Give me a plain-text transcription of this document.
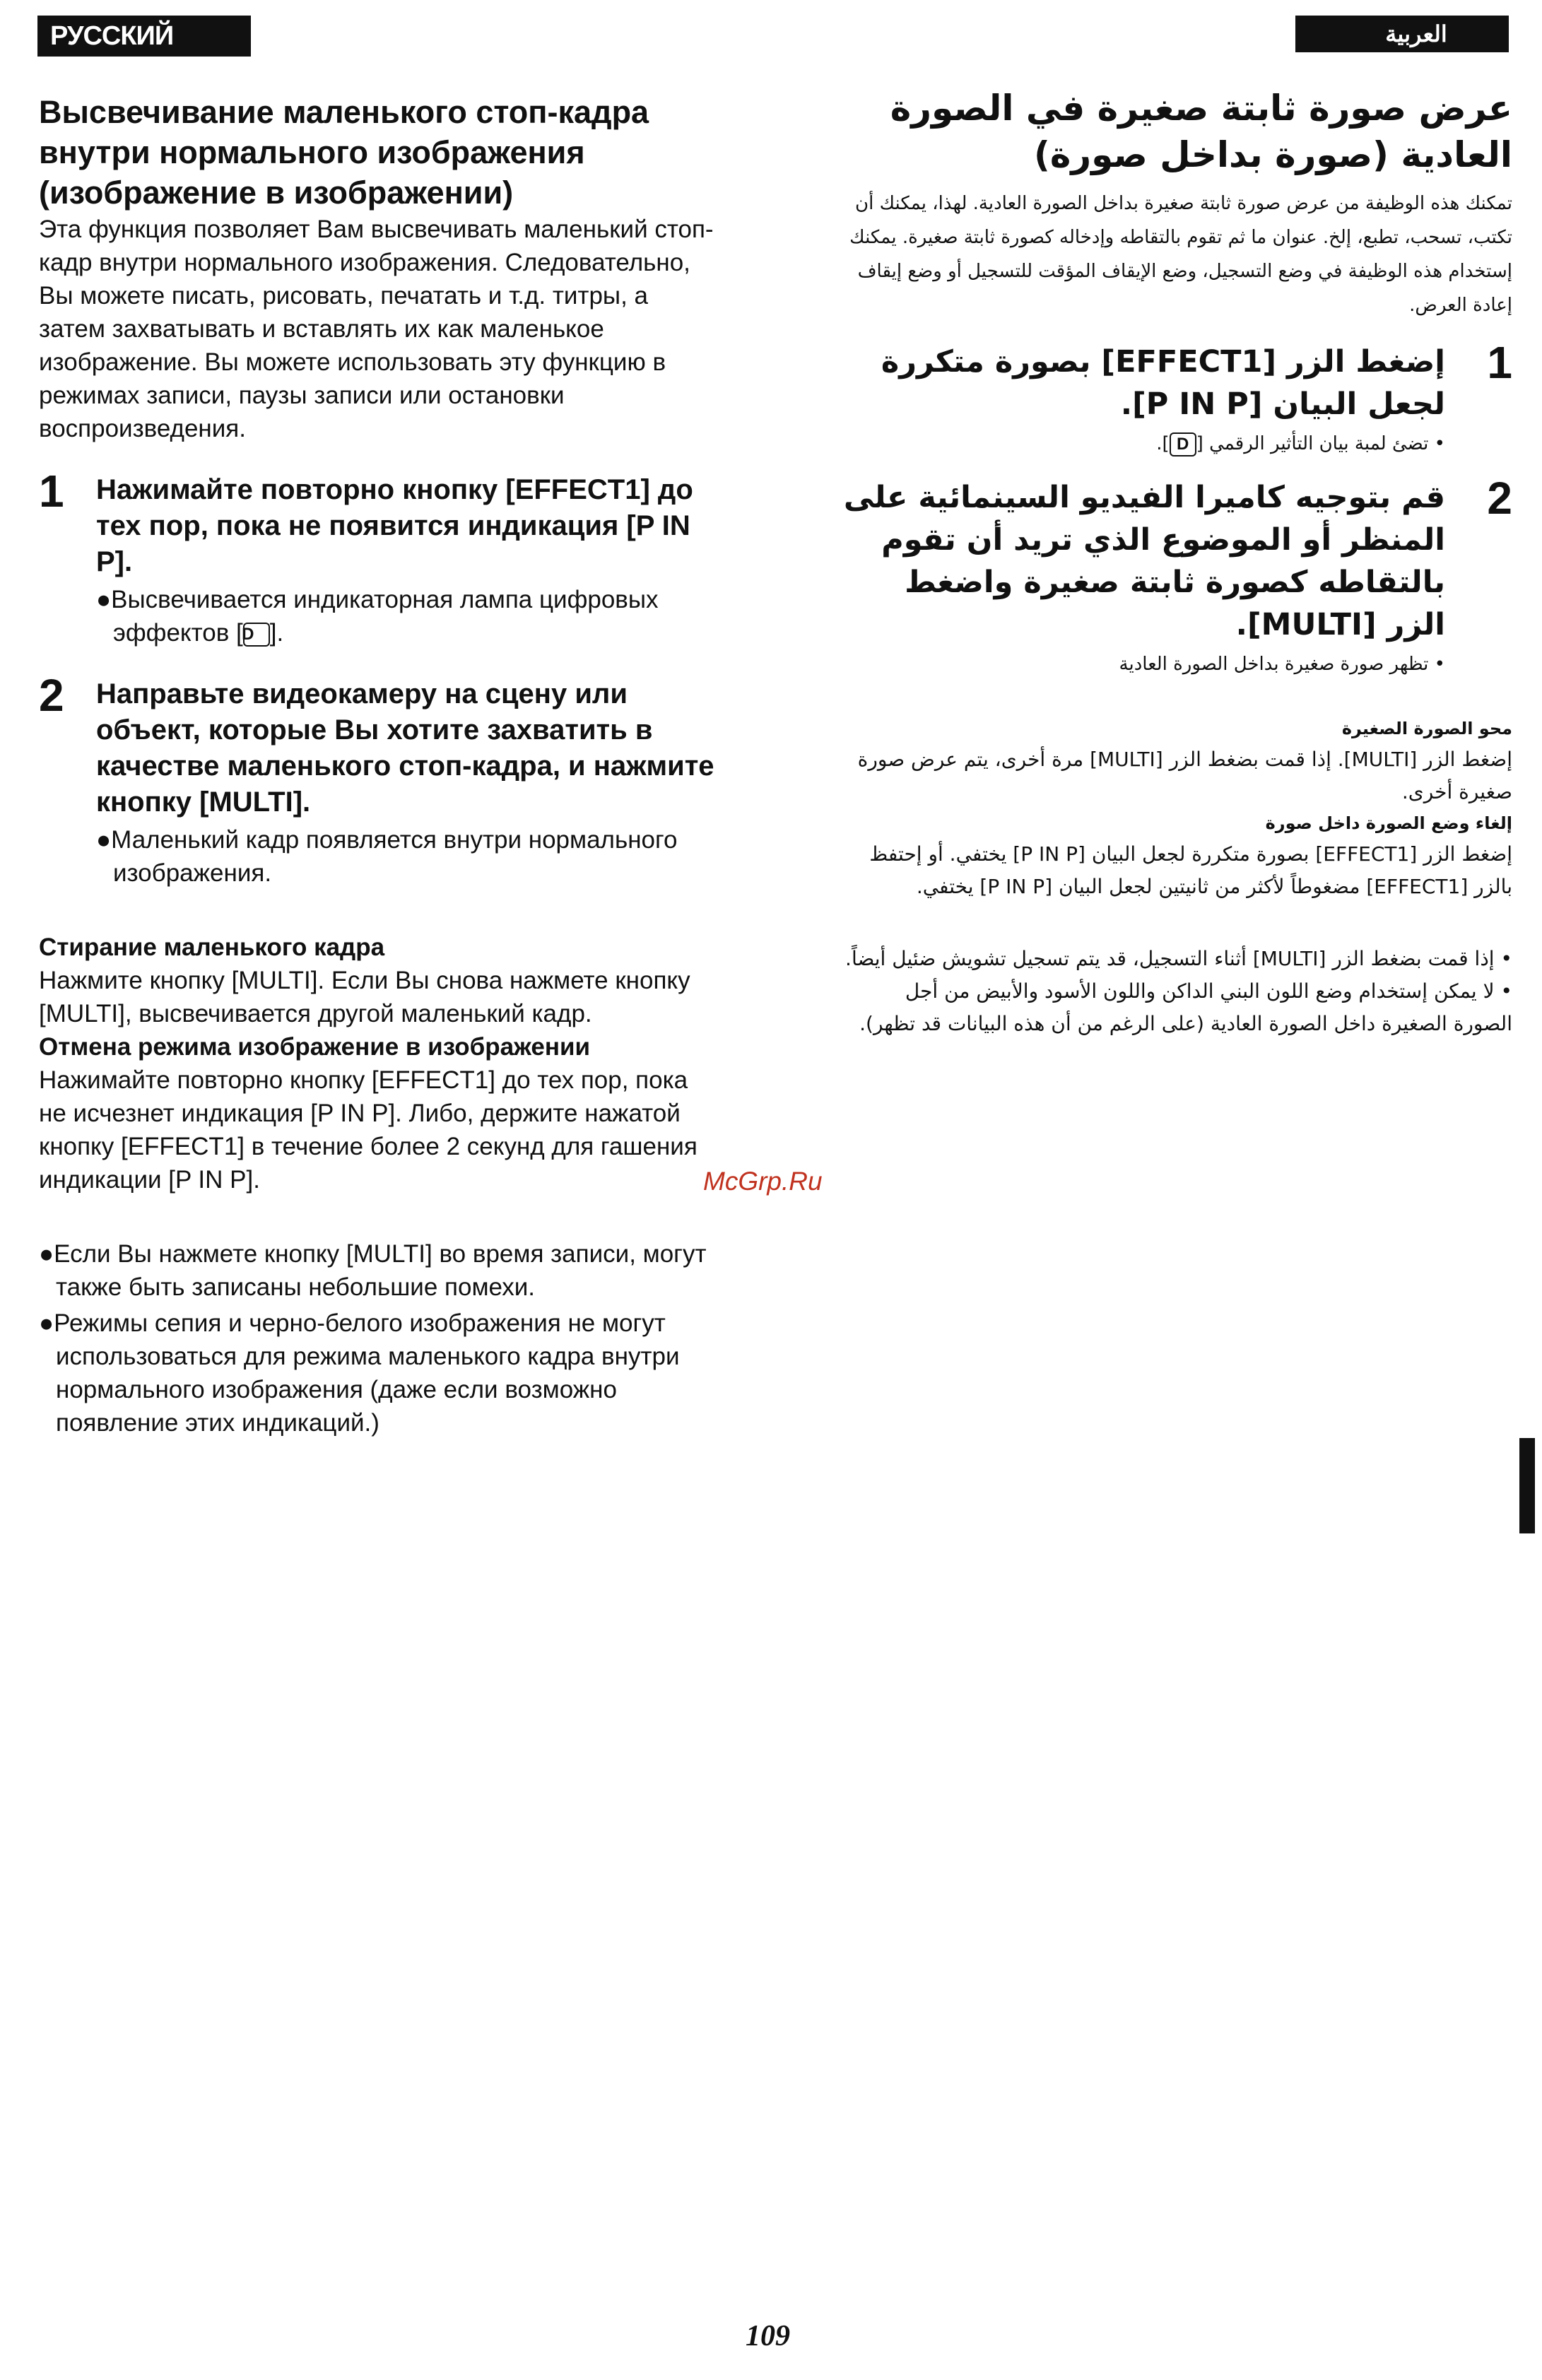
РУССКИЙ ЯЗЫК
العربية
Высвечивание маленького стоп-кадра внутри нормального изображения (изображение в изображении)

Эта функция позволяет Вам высвечивать маленький стоп-кадр внутри нормального изображения. Следовательно, Вы можете писать, рисовать, печатать и т.д. титры, а затем захватывать и вставлять их как маленькое изображение. Вы можете использовать эту функцию в режимах записи, паузы записи или остановки воспроизведения.

1 Нажимайте повторно кнопку [EFFECT1] до тех пор, пока не появится индикация [P IN P].

●Высвечивается индикаторная лампа цифровых эффектов [D ].

2 Направьте видеокамеру на сцену или объект, которые Вы хотите захватить в качестве маленького стоп-кадра, и нажмите кнопку [MULTI].

●Маленький кадр появляется внутри нормального изображения.

Стирание маленького кадра

Нажмите кнопку [MULTI]. Если Вы снова нажмете кнопку [MULTI], высвечивается другой маленький кадр.

Отмена режима изображение в изображении

Нажимайте повторно кнопку [EFFECT1] до тех пор, пока не исчезнет индикация [P IN P]. Либо, держите нажатой кнопку [EFFECT1] в течение более 2 секунд для гашения индикации [P IN P].

●Если Вы нажмете кнопку [MULTI] во время записи, могут также быть записаны небольшие помехи.

●Режимы сепия и черно-белого изображения не могут использоваться для режима маленького кадра внутри нормального изображения (даже если возможно появление этих индикаций.)

عرض صورة ثابتة صغيرة في الصورة العادية (صورة بداخل صورة)

تمكنك هذه الوظيفة من عرض صورة ثابتة صغيرة بداخل الصورة العادية. لهذا، يمكنك أن تكتب، تسحب، تطبع، إلخ. عنوان ما ثم تقوم بالتقاطه وإدخاله كصورة ثابتة صغيرة. يمكنك إستخدام هذه الوظيفة في وضع التسجيل، وضع الإيقاف المؤقت للتسجيل أو وضع إيقاف إعادة العرض.

1

إضغط الزر [EFFECT1] بصورة متكررة لجعل البيان [P IN P].

• تضئ لمبة بيان التأثير الرقمي [D].

2

قم بتوجيه كاميرا الفيديو السينمائية على المنظر أو الموضوع الذي تريد أن تقوم بالتقاطه كصورة ثابتة صغيرة واضغط الزر [MULTI].

• تظهر صورة صغيرة بداخل الصورة العادية

محو الصورة الصغيرة

إضغط الزر [MULTI]. إذا قمت بضغط الزر [MULTI] مرة أخرى، يتم عرض صورة صغيرة أخرى.

إلغاء وضع الصورة داخل صورة

إضغط الزر [EFFECT1] بصورة متكررة لجعل البيان [P IN P] يختفي. أو إحتفظ بالزر [EFFECT1] مضغوطاً لأكثر من ثانيتين لجعل البيان [P IN P] يختفي.

• إذا قمت بضغط الزر [MULTI] أثناء التسجيل، قد يتم تسجيل تشويش ضئيل أيضاً.

• لا يمكن إستخدام وضع اللون البني الداكن واللون الأسود والأبيض من أجل الصورة الصغيرة داخل الصورة العادية (على الرغم من أن هذه البيانات قد تظهر).

McGrp.Ru
109
